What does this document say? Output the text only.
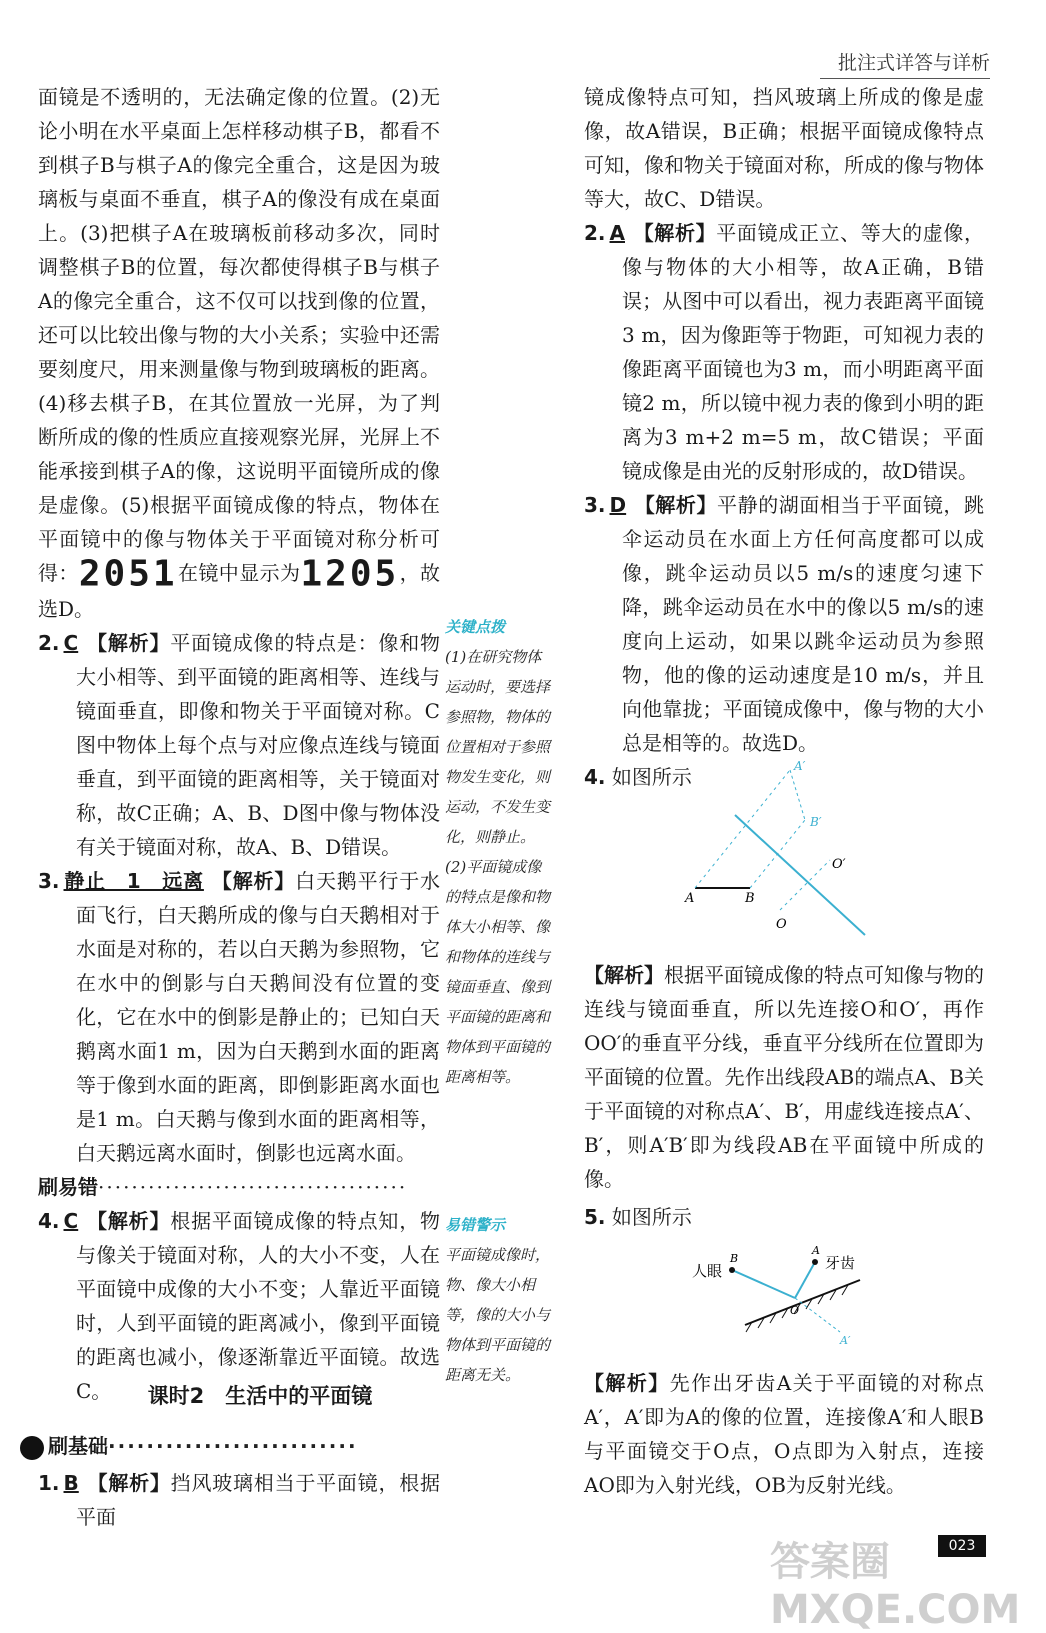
批注式详答与详析

面镜是不透明的，无法确定像的位置。(2)无论小明在水平桌面上怎样移动棋子B，都看不到棋子B与棋子A的像完全重合，这是因为玻璃板与桌面不垂直，棋子A的像没有成在桌面上。(3)把棋子A在玻璃板前移动多次，同时调整棋子B的位置，每次都使得棋子B与棋子A的像完全重合，这不仅可以找到像的位置，还可以比较出像与物的大小关系；实验中还需要刻度尺，用来测量像与物到玻璃板的距离。(4)移去棋子B，在其位置放一光屏，为了判断所成的像的性质应直接观察光屏，光屏上不能承接到棋子A的像，这说明平面镜所成的像是虚像。(5)根据平面镜成像的特点，物体在平面镜中的像与物体关于平面镜对称分析可得：2051在镜中显示为1205，故选D。

2. C 【解析】平面镜成像的特点是：像和物大小相等、到平面镜的距离相等、连线与镜面垂直，即像和物关于平面镜对称。C图中物体上每个点与对应像点连线与镜面垂直，到平面镜的距离相等，关于镜面对称，故C正确；A、B、D图中像与物体没有关于镜面对称，故A、B、D错误。

3. 静止　1　远离 【解析】白天鹅平行于水面飞行，白天鹅所成的像与白天鹅相对于水面是对称的，若以白天鹅为参照物，它在水中的倒影与白天鹅间没有位置的变化，它在水中的倒影是静止的；已知白天鹅离水面1 m，因为白天鹅到水面的距离等于像到水面的距离，即倒影距离水面也是1 m。白天鹅与像到水面的距离相等，白天鹅远离水面时，倒影也远离水面。

刷易错·····································

4. C 【解析】根据平面镜成像的特点知，物与像关于镜面对称，人的大小不变，人在平面镜中成像的大小不变；人靠近平面镜时，人到平面镜的距离减小，像到平面镜的距离也减小，像逐渐靠近平面镜。故选C。	课时2　生活中的平面镜
刷基础··························

1. B 【解析】挡风玻璃相当于平面镜，根据平面

关键点拨
(1)在研究物体运动时，要选择参照物，物体的位置相对于参照物发生变化，则运动，不发生变化，则静止。(2)平面镜成像的特点是像和物体大小相等、像和物体的连线与镜面垂直、像到平面镜的距离和物体到平面镜的距离相等。
易错警示
平面镜成像时，物、像大小相等，像的大小与物体到平面镜的距离无关。

镜成像特点可知，挡风玻璃上所成的像是虚像，故A错误，B正确；根据平面镜成像特点可知，像和物关于镜面对称，所成的像与物体等大，故C、D错误。

2. A 【解析】平面镜成正立、等大的虚像，像与物体的大小相等，故A正确，B错误；从图中可以看出，视力表距离平面镜3 m，因为像距等于物距，可知视力表的像距离平面镜也为3 m，而小明距离平面镜2 m，所以镜中视力表的像到小明的距离为3 m+2 m=5 m，故C错误；平面镜成像是由光的反射形成的，故D错误。

3. D 【解析】平静的湖面相当于平面镜，跳伞运动员在水面上方任何高度都可以成像，跳伞运动员以5 m/s的速度匀速下降，跳伞运动员在水中的像以5 m/s的速度向上运动，如果以跳伞运动员为参照物，他的像的运动速度是10 m/s，并且向他靠拢；平面镜成像中，像与物的大小总是相等的。故选D。

4. 如图所示

A	B
O
O′
A′
B′

【解析】根据平面镜成像的特点可知像与物的连线与镜面垂直，所以先连接O和O′，再作OO′的垂直平分线，垂直平分线所在位置即为平面镜的位置。先作出线段AB的端点A、B关于平面镜的对称点A′、B′，用虚线连接点A′、B′，则A′B′即为线段AB在平面镜中所成的像。

5. 如图所示

人眼	牙齿
B
A
O
A′

【解析】先作出牙齿A关于平面镜的对称点A′，A′即为A的像的位置，连接像A′和人眼B与平面镜交于O点，O点即为入射点，连接AO即为入射光线，OB为反射光线。

答案圈 MXQE.COM
023
